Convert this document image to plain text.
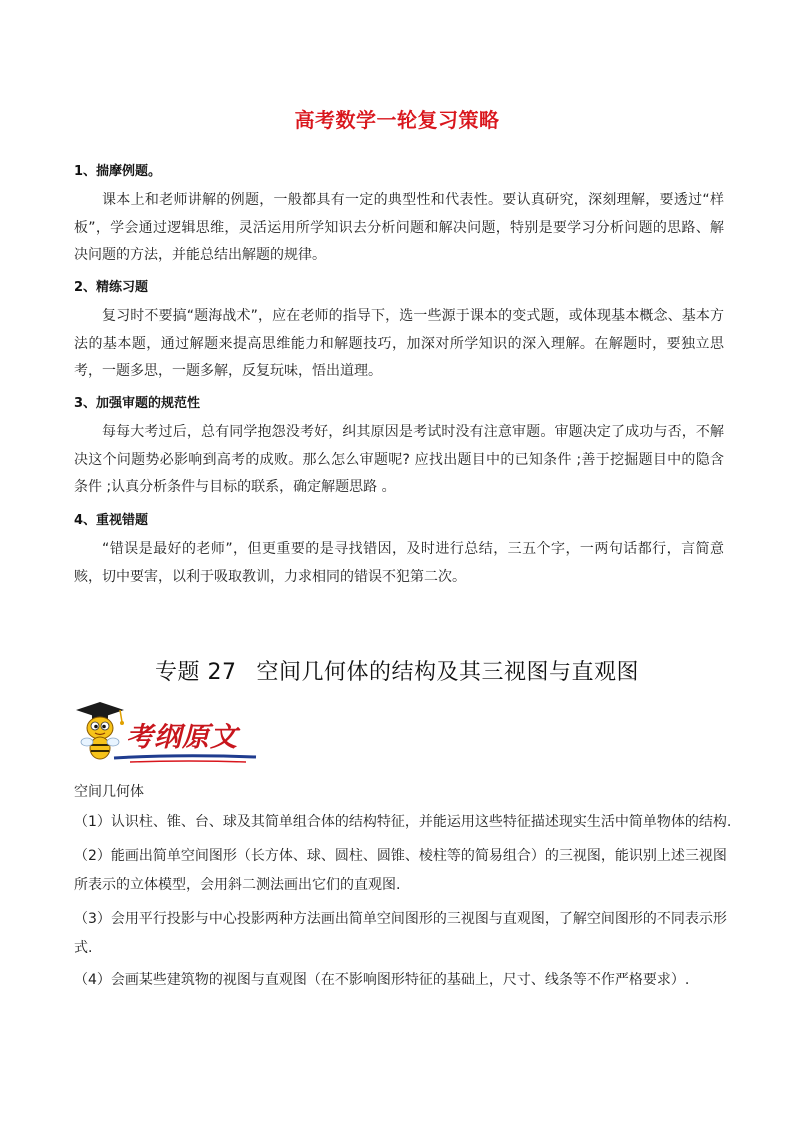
高考数学一轮复习策略
1、揣摩例题。
课本上和老师讲解的例题，一般都具有一定的典型性和代表性。要认真研究，深刻理解，要透过“样板”，学会通过逻辑思维，灵活运用所学知识去分析问题和解决问题，特别是要学习分析问题的思路、解决问题的方法，并能总结出解题的规律。
2、精练习题
复习时不要搞“题海战术”，应在老师的指导下，选一些源于课本的变式题，或体现基本概念、基本方法的基本题，通过解题来提高思维能力和解题技巧，加深对所学知识的深入理解。在解题时，要独立思考，一题多思，一题多解，反复玩味，悟出道理。
3、加强审题的规范性
每每大考过后，总有同学抱怨没考好，纠其原因是考试时没有注意审题。审题决定了成功与否，不解决这个问题势必影响到高考的成败。那么怎么审题呢? 应找出题目中的已知条件 ;善于挖掘题目中的隐含条件 ;认真分析条件与目标的联系，确定解题思路 。
4、重视错题
“错误是最好的老师”，但更重要的是寻找错因，及时进行总结，三五个字，一两句话都行，言简意赅，切中要害，以利于吸取教训，力求相同的错误不犯第二次。
专题 27 空间几何体的结构及其三视图与直观图
考纲原文
空间几何体
（1）认识柱、锥、台、球及其简单组合体的结构特征，并能运用这些特征描述现实生活中简单物体的结构.
（2）能画出简单空间图形（长方体、球、圆柱、圆锥、棱柱等的简易组合）的三视图，能识别上述三视图所表示的立体模型，会用斜二测法画出它们的直观图.
（3）会用平行投影与中心投影两种方法画出简单空间图形的三视图与直观图，了解空间图形的不同表示形式.
（4）会画某些建筑物的视图与直观图（在不影响图形特征的基础上，尺寸、线条等不作严格要求）.
